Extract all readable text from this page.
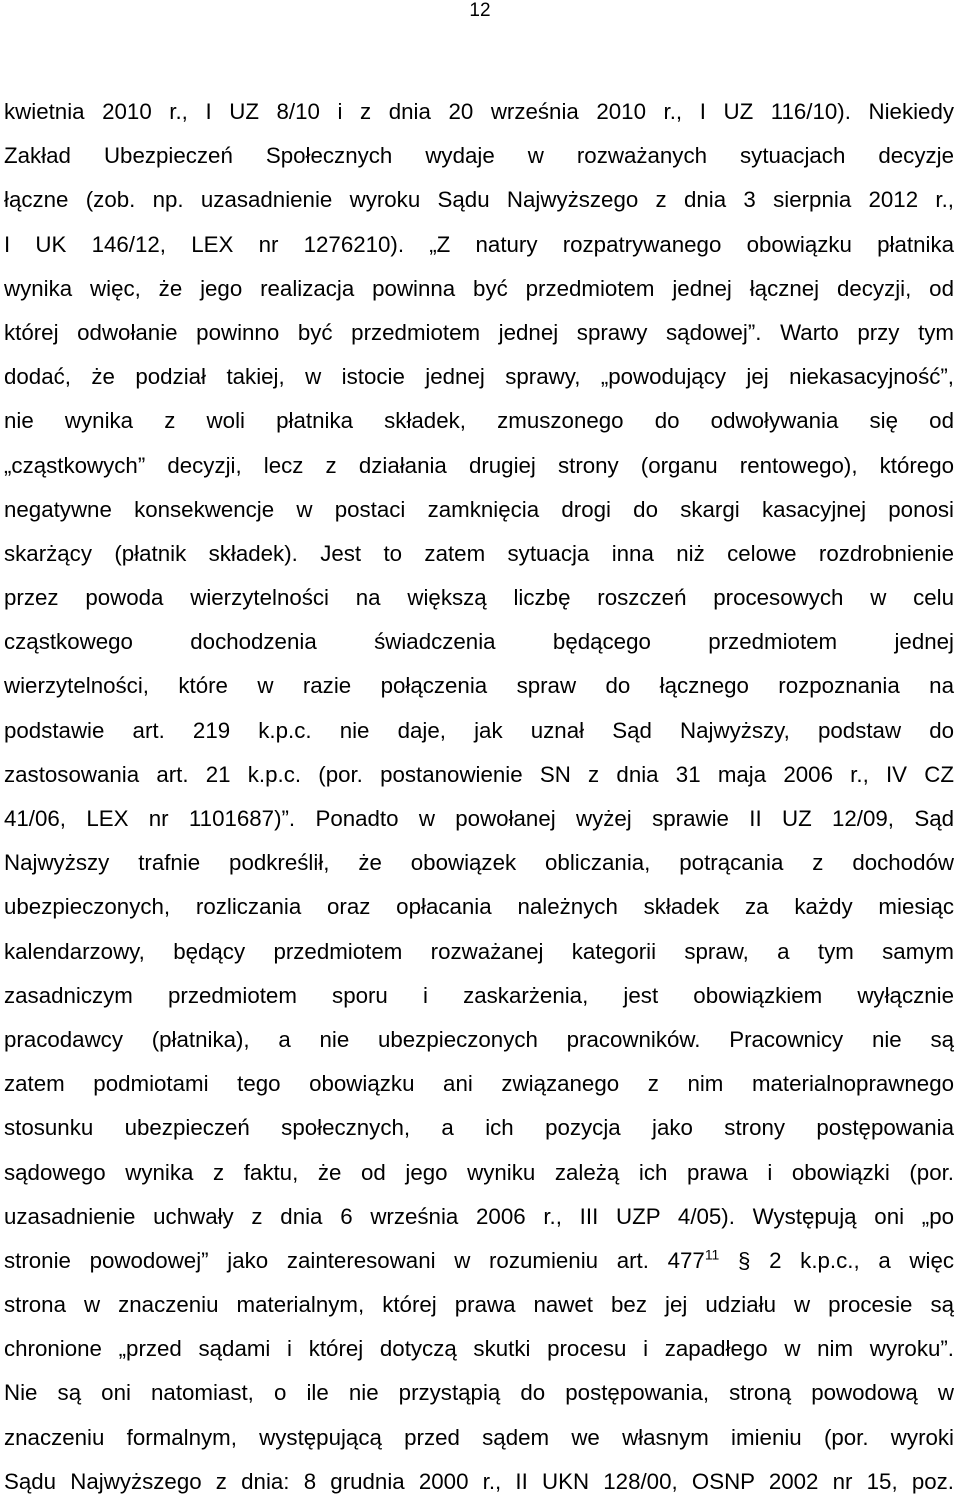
12
kwietnia 2010 r., I UZ 8/10 i z dnia 20 września 2010 r., I UZ 116/10). Niekiedy
Zakład Ubezpieczeń Społecznych wydaje w rozważanych sytuacjach decyzje
łączne (zob. np. uzasadnienie wyroku Sądu Najwyższego z dnia 3 sierpnia 2012 r.,
I UK 146/12, LEX nr 1276210). „Z natury rozpatrywanego obowiązku płatnika
wynika więc, że jego realizacja powinna być przedmiotem jednej łącznej decyzji, od
której odwołanie powinno być przedmiotem jednej sprawy sądowej”. Warto przy tym
dodać, że podział takiej, w istocie jednej sprawy, „powodujący jej niekasacyjność”,
nie wynika z woli płatnika składek, zmuszonego do odwoływania się od
„cząstkowych” decyzji, lecz z działania drugiej strony (organu rentowego), którego
negatywne konsekwencje w postaci zamknięcia drogi do skargi kasacyjnej ponosi
skarżący (płatnik składek). Jest to zatem sytuacja inna niż celowe rozdrobnienie
przez powoda wierzytelności na większą liczbę roszczeń procesowych w celu
cząstkowego dochodzenia świadczenia będącego przedmiotem jednej
wierzytelności, które w razie połączenia spraw do łącznego rozpoznania na
podstawie art. 219 k.p.c. nie daje, jak uznał Sąd Najwyższy, podstaw do
zastosowania art. 21 k.p.c. (por. postanowienie SN z dnia 31 maja 2006 r., IV CZ
41/06, LEX nr 1101687)”. Ponadto w powołanej wyżej sprawie II UZ 12/09, Sąd
Najwyższy trafnie podkreślił, że obowiązek obliczania, potrącania z dochodów
ubezpieczonych, rozliczania oraz opłacania należnych składek za każdy miesiąc
kalendarzowy, będący przedmiotem rozważanej kategorii spraw, a tym samym
zasadniczym przedmiotem sporu i zaskarżenia, jest obowiązkiem wyłącznie
pracodawcy (płatnika), a nie ubezpieczonych pracowników. Pracownicy nie są
zatem podmiotami tego obowiązku ani związanego z nim materialnoprawnego
stosunku ubezpieczeń społecznych, a ich pozycja jako strony postępowania
sądowego wynika z faktu, że od jego wyniku zależą ich prawa i obowiązki (por.
uzasadnienie uchwały z dnia 6 września 2006 r., III UZP 4/05). Występują oni „po
stronie powodowej” jako zainteresowani w rozumieniu art. $477^{11}$ § 2 k.p.c., a więc
strona w znaczeniu materialnym, której prawa nawet bez jej udziału w procesie są
chronione „przed sądami i której dotyczą skutki procesu i zapadłego w nim wyroku”.
Nie są oni natomiast, o ile nie przystąpią do postępowania, stroną powodową w
znaczeniu formalnym, występującą przed sądem we własnym imieniu (por. wyroki
Sądu Najwyższego z dnia: 8 grudnia 2000 r., II UKN 128/00, OSNP 2002 nr 15, poz.
